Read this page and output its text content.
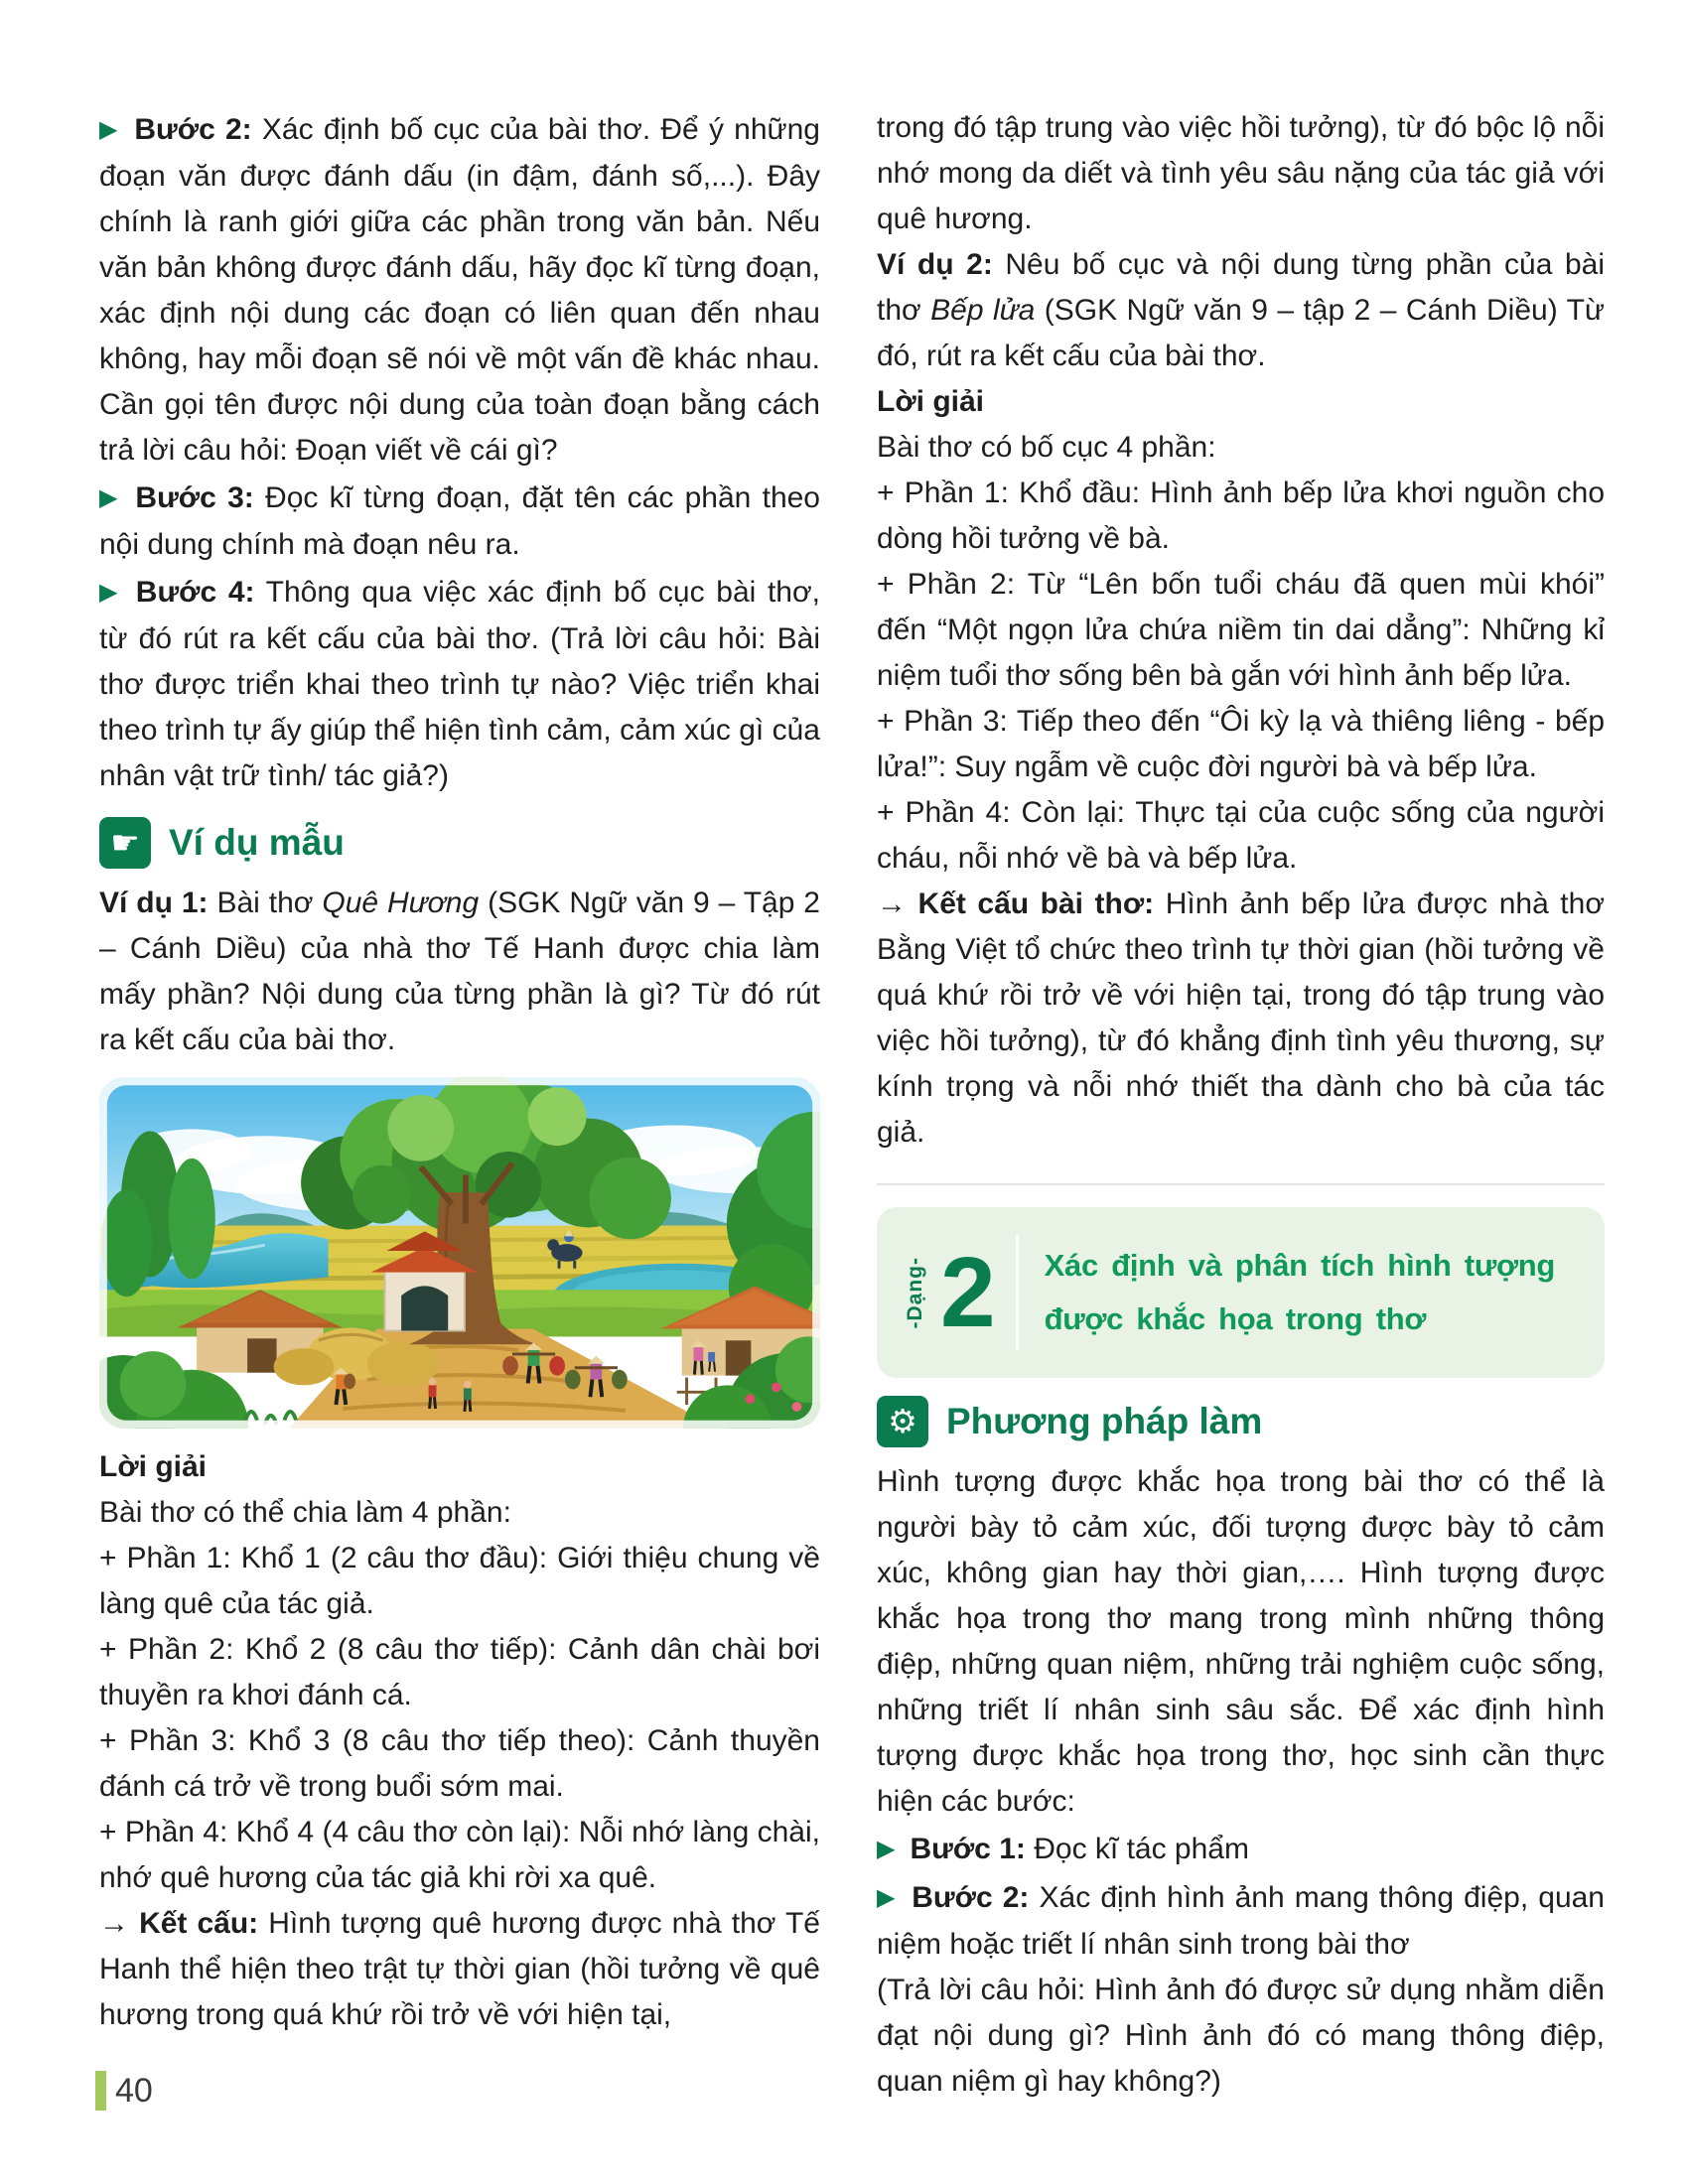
▶ Bước 2: Xác định bố cục của bài thơ. Để ý những đoạn văn được đánh dấu (in đậm, đánh số,...). Đây chính là ranh giới giữa các phần trong văn bản. Nếu văn bản không được đánh dấu, hãy đọc kĩ từng đoạn, xác định nội dung các đoạn có liên quan đến nhau không, hay mỗi đoạn sẽ nói về một vấn đề khác nhau. Cần gọi tên được nội dung của toàn đoạn bằng cách trả lời câu hỏi: Đoạn viết về cái gì?

▶ Bước 3: Đọc kĩ từng đoạn, đặt tên các phần theo nội dung chính mà đoạn nêu ra.

▶ Bước 4: Thông qua việc xác định bố cục bài thơ, từ đó rút ra kết cấu của bài thơ. (Trả lời câu hỏi: Bài thơ được triển khai theo trình tự nào? Việc triển khai theo trình tự ấy giúp thể hiện tình cảm, cảm xúc gì của nhân vật trữ tình/ tác giả?)

☛ Ví dụ mẫu

Ví dụ 1: Bài thơ Quê Hương (SGK Ngữ văn 9 – Tập 2 – Cánh Diều) của nhà thơ Tế Hanh được chia làm mấy phần? Nội dung của từng phần là gì? Từ đó rút ra kết cấu của bài thơ.

Lời giải

Bài thơ có thể chia làm 4 phần:

+ Phần 1: Khổ 1 (2 câu thơ đầu): Giới thiệu chung về làng quê của tác giả.

+ Phần 2: Khổ 2 (8 câu thơ tiếp): Cảnh dân chài bơi thuyền ra khơi đánh cá.

+ Phần 3: Khổ 3 (8 câu thơ tiếp theo): Cảnh thuyền đánh cá trở về trong buổi sớm mai.

+ Phần 4: Khổ 4 (4 câu thơ còn lại): Nỗi nhớ làng chài, nhớ quê hương của tác giả khi rời xa quê.

→ Kết cấu: Hình tượng quê hương được nhà thơ Tế Hanh thể hiện theo trật tự thời gian (hồi tưởng về quê hương trong quá khứ rồi trở về với hiện tại,

trong đó tập trung vào việc hồi tưởng), từ đó bộc lộ nỗi nhớ mong da diết và tình yêu sâu nặng của tác giả với quê hương.

Ví dụ 2: Nêu bố cục và nội dung từng phần của bài thơ Bếp lửa (SGK Ngữ văn 9 – tập 2 – Cánh Diều) Từ đó, rút ra kết cấu của bài thơ.

Lời giải

Bài thơ có bố cục 4 phần:

+ Phần 1: Khổ đầu: Hình ảnh bếp lửa khơi nguồn cho dòng hồi tưởng về bà.

+ Phần 2: Từ “Lên bốn tuổi cháu đã quen mùi khói” đến “Một ngọn lửa chứa niềm tin dai dẳng”: Những kỉ niệm tuổi thơ sống bên bà gắn với hình ảnh bếp lửa.

+ Phần 3: Tiếp theo đến “Ôi kỳ lạ và thiêng liêng - bếp lửa!”: Suy ngẫm về cuộc đời người bà và bếp lửa.

+ Phần 4: Còn lại: Thực tại của cuộc sống của người cháu, nỗi nhớ về bà và bếp lửa.

→ Kết cấu bài thơ: Hình ảnh bếp lửa được nhà thơ Bằng Việt tổ chức theo trình tự thời gian (hồi tưởng về quá khứ rồi trở về với hiện tại, trong đó tập trung vào việc hồi tưởng), từ đó khẳng định tình yêu thương, sự kính trọng và nỗi nhớ thiết tha dành cho bà của tác giả.

-Dạng- 2 Xác định và phân tích hình tượng
được khắc họa trong thơ
⚙ Phương pháp làm

Hình tượng được khắc họa trong bài thơ có thể là người bày tỏ cảm xúc, đối tượng được bày tỏ cảm xúc, không gian hay thời gian,…. Hình tượng được khắc họa trong thơ mang trong mình những thông điệp, những quan niệm, những trải nghiệm cuộc sống, những triết lí nhân sinh sâu sắc. Để xác định hình tượng được khắc họa trong thơ, học sinh cần thực hiện các bước:

▶ Bước 1: Đọc kĩ tác phẩm

▶ Bước 2: Xác định hình ảnh mang thông điệp, quan niệm hoặc triết lí nhân sinh trong bài thơ

(Trả lời câu hỏi: Hình ảnh đó được sử dụng nhằm diễn đạt nội dung gì? Hình ảnh đó có mang thông điệp, quan niệm gì hay không?)

40
